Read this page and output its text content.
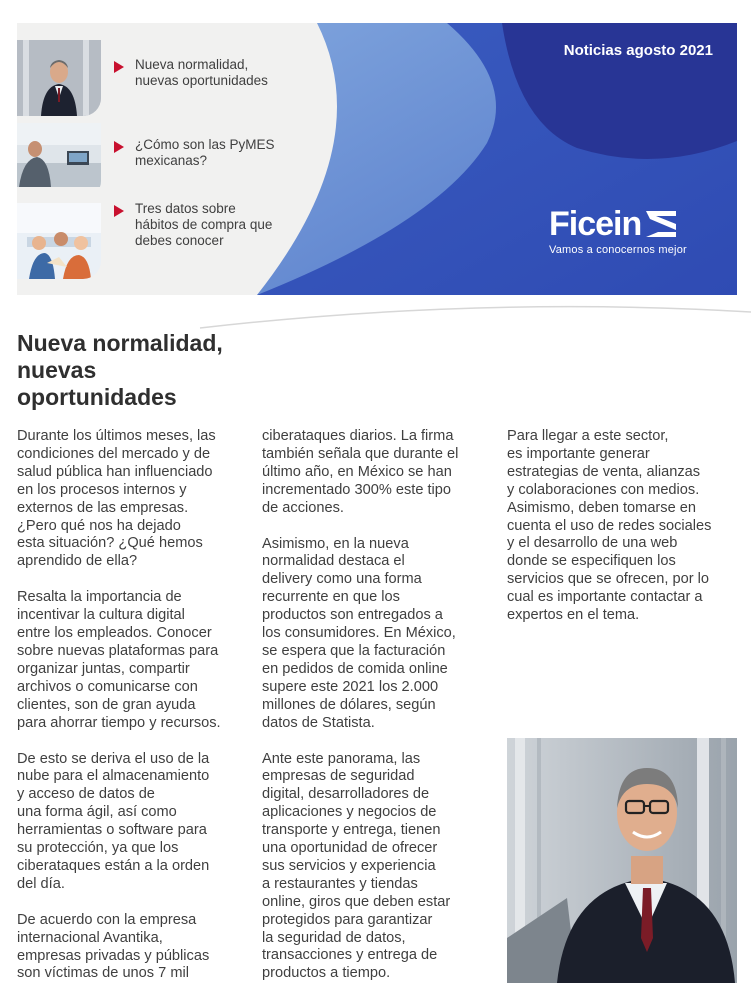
Nueva normalidad,
nuevas oportunidades
¿Cómo son las PyMES
mexicanas?
Tres datos sobre
hábitos de compra que
debes conocer
Noticias agosto 2021
Ficein
Vamos a conocernos mejor
Nueva normalidad,
nuevas
oportunidades

Durante los últimos meses, las
condiciones del mercado y de
salud pública han influenciado
en los procesos internos y
externos de las empresas.
¿Pero qué nos ha dejado
esta situación? ¿Qué hemos
aprendido de ella?

Resalta la importancia de
incentivar la cultura digital
entre los empleados. Conocer
sobre nuevas plataformas para
organizar juntas, compartir
archivos o comunicarse con
clientes, son de gran ayuda
para ahorrar tiempo y recursos.

De esto se deriva el uso de la
nube para el almacenamiento
y acceso de datos de
una forma ágil, así como
herramientas o software para
su protección, ya que los
ciberataques están a la orden
del día.

De acuerdo con la empresa
internacional Avantika,
empresas privadas y públicas
son víctimas de unos 7 mil

ciberataques diarios. La firma
también señala que durante el
último año, en México se han
incrementado 300% este tipo
de acciones.

Asimismo, en la nueva
normalidad destaca el
delivery como una forma
recurrente en que los
productos son entregados a
los consumidores. En México,
se espera que la facturación
en pedidos de comida online
supere este 2021 los 2.000
millones de dólares, según
datos de Statista.

Ante este panorama, las
empresas de seguridad
digital, desarrolladores de
aplicaciones y negocios de
transporte y entrega, tienen
una oportunidad de ofrecer
sus servicios y experiencia
a restaurantes y tiendas
online, giros que deben estar
protegidos para garantizar
la seguridad de datos,
transacciones y entrega de
productos a tiempo.

Para llegar a este sector,
es importante generar
estrategias de venta, alianzas
y colaboraciones con medios.
Asimismo, deben tomarse en
cuenta el uso de redes sociales
y el desarrollo de una web
donde se especifiquen los
servicios que se ofrecen, por lo
cual es importante contactar a
expertos en el tema.
